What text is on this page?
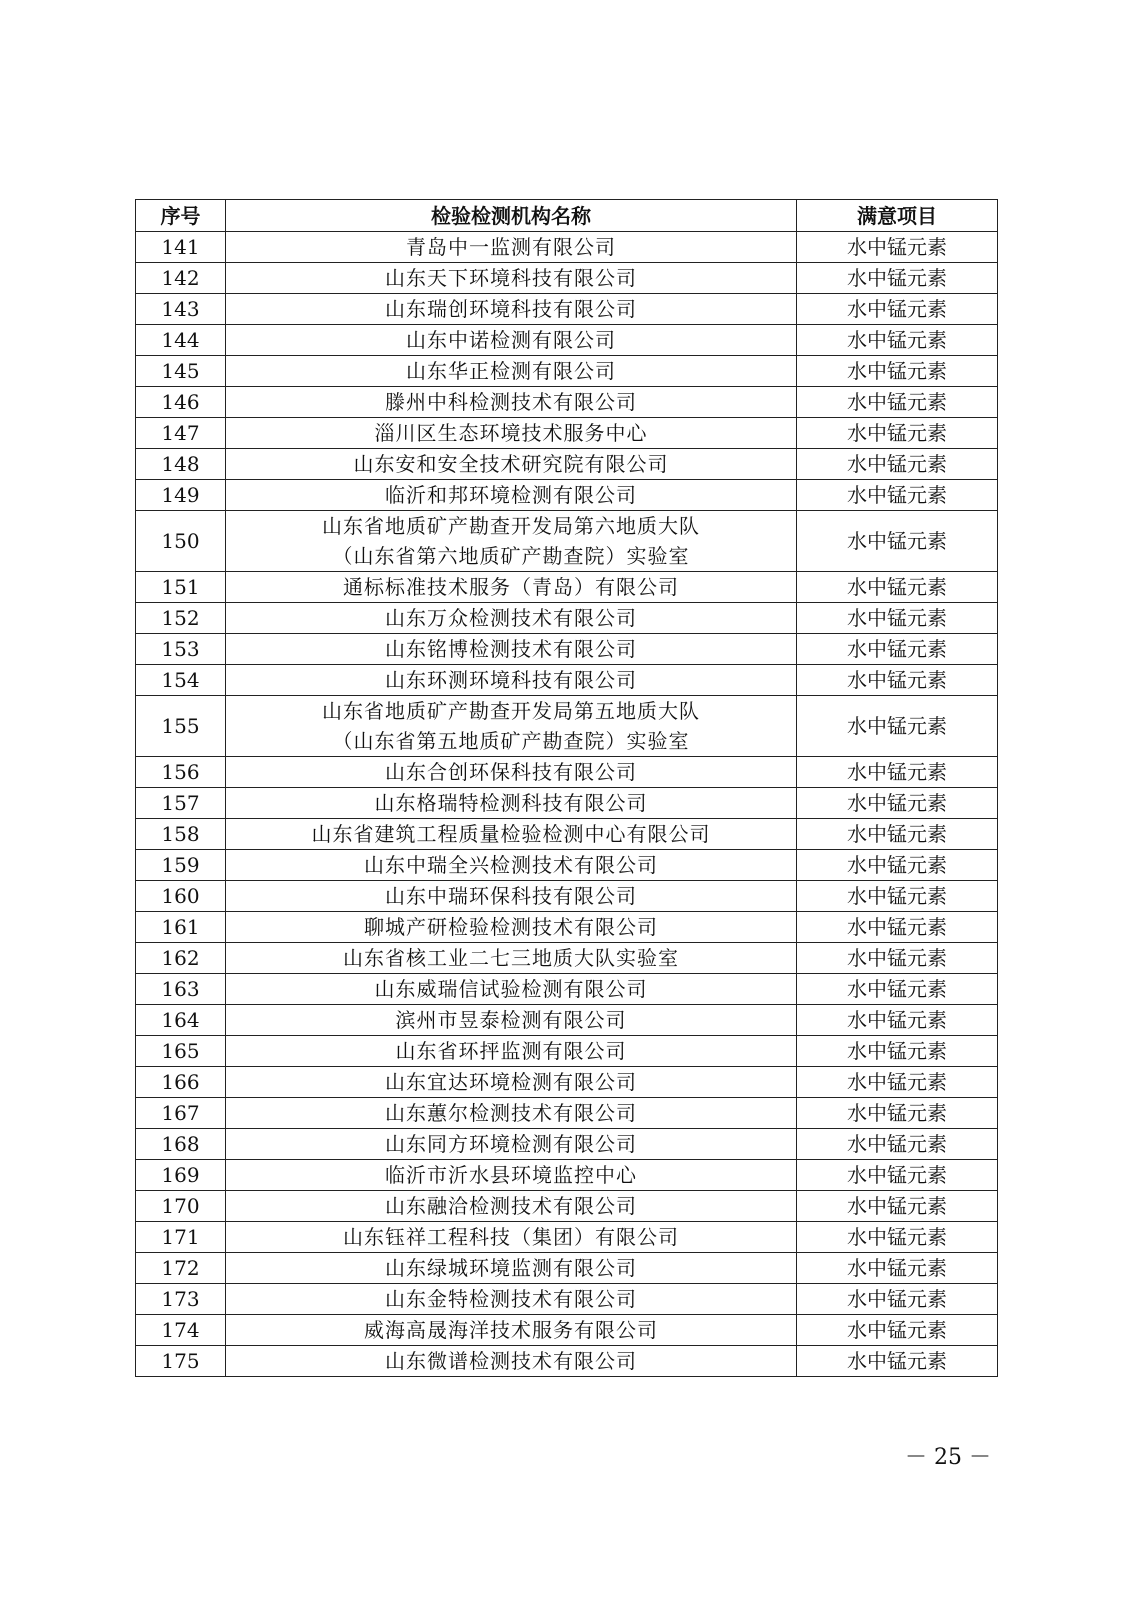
序号	检验检测机构名称	满意项目
141	青岛中一监测有限公司	水中锰元素
142	山东天下环境科技有限公司	水中锰元素
143	山东瑞创环境科技有限公司	水中锰元素
144	山东中诺检测有限公司	水中锰元素
145	山东华正检测有限公司	水中锰元素
146	滕州中科检测技术有限公司	水中锰元素
147	淄川区生态环境技术服务中心	水中锰元素
148	山东安和安全技术研究院有限公司	水中锰元素
149	临沂和邦环境检测有限公司	水中锰元素
150	山东省地质矿产勘查开发局第六地质大队
（山东省第六地质矿产勘查院）实验室	水中锰元素
151	通标标准技术服务（青岛）有限公司	水中锰元素
152	山东万众检测技术有限公司	水中锰元素
153	山东铭博检测技术有限公司	水中锰元素
154	山东环测环境科技有限公司	水中锰元素
155	山东省地质矿产勘查开发局第五地质大队
（山东省第五地质矿产勘查院）实验室	水中锰元素
156	山东合创环保科技有限公司	水中锰元素
157	山东格瑞特检测科技有限公司	水中锰元素
158	山东省建筑工程质量检验检测中心有限公司	水中锰元素
159	山东中瑞全兴检测技术有限公司	水中锰元素
160	山东中瑞环保科技有限公司	水中锰元素
161	聊城产研检验检测技术有限公司	水中锰元素
162	山东省核工业二七三地质大队实验室	水中锰元素
163	山东威瑞信试验检测有限公司	水中锰元素
164	滨州市昱泰检测有限公司	水中锰元素
165	山东省环抨监测有限公司	水中锰元素
166	山东宜达环境检测有限公司	水中锰元素
167	山东蕙尔检测技术有限公司	水中锰元素
168	山东同方环境检测有限公司	水中锰元素
169	临沂市沂水县环境监控中心	水中锰元素
170	山东融洽检测技术有限公司	水中锰元素
171	山东钰祥工程科技（集团）有限公司	水中锰元素
172	山东绿城环境监测有限公司	水中锰元素
173	山东金特检测技术有限公司	水中锰元素
174	威海高晟海洋技术服务有限公司	水中锰元素
175	山东微谱检测技术有限公司	水中锰元素
－ 25 －
